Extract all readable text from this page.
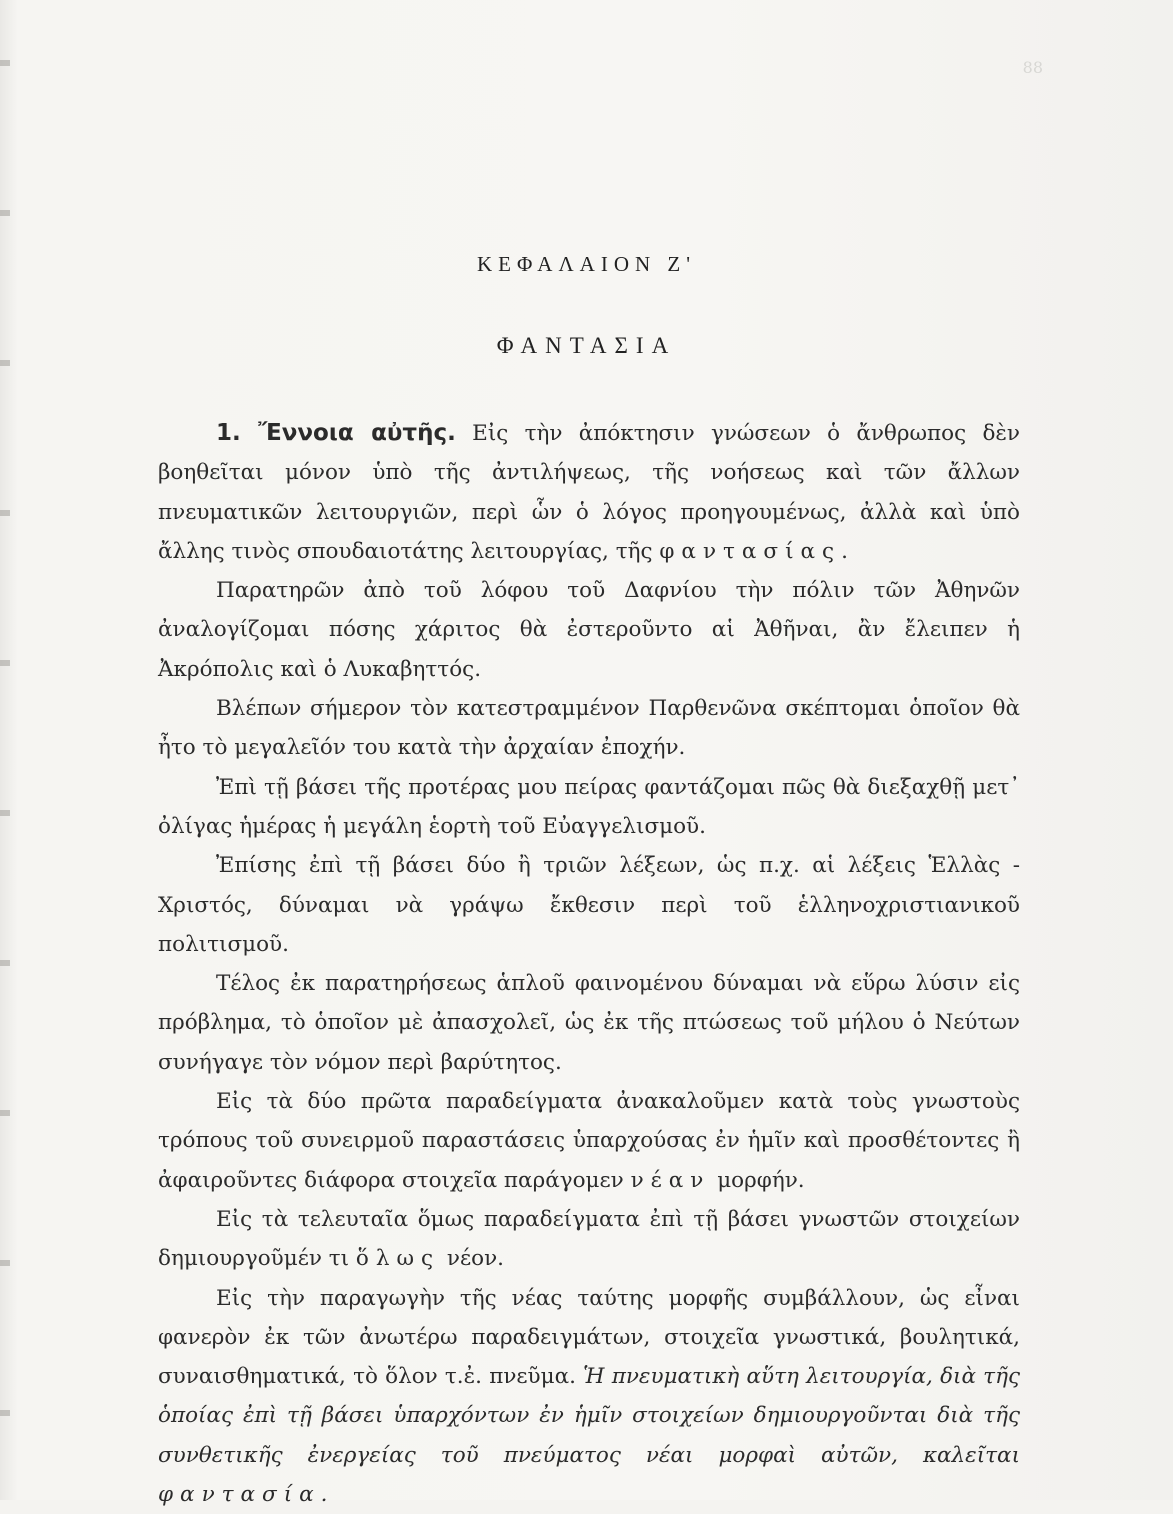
88
ΚΕΦΑΛΑΙΟΝ Ζ'
ΦΑΝΤΑΣΙΑ

1. Ἔννοια αὐτῆς. Εἰς τὴν ἀπόκτησιν γνώσεων ὁ ἄνθρωπος δὲν βοηθεῖται μόνον ὑπὸ τῆς ἀντιλήψεως, τῆς νοήσεως καὶ τῶν ἄλλων πνευματικῶν λειτουργιῶν, περὶ ὧν ὁ λόγος προηγουμένως, ἀλλὰ καὶ ὑπὸ ἄλλης τινὸς σπουδαιοτάτης λειτουργίας, τῆς φαντασίας.

Παρατηρῶν ἀπὸ τοῦ λόφου τοῦ Δαφνίου τὴν πόλιν τῶν Ἀθηνῶν ἀναλογίζομαι πόσης χάριτος θὰ ἐστεροῦντο αἱ Ἀθῆναι, ἂν ἔλειπεν ἡ Ἀκρόπολις καὶ ὁ Λυκαβηττός.

Βλέπων σήμερον τὸν κατεστραμμένον Παρθενῶνα σκέπτομαι ὁποῖον θὰ ἦτο τὸ μεγαλεῖόν του κατὰ τὴν ἀρχαίαν ἐποχήν.

Ἐπὶ τῇ βάσει τῆς προτέρας μου πείρας φαντάζομαι πῶς θὰ διεξαχθῇ μετ᾽ ὀλίγας ἡμέρας ἡ μεγάλη ἑορτὴ τοῦ Εὐαγγελισμοῦ.

Ἐπίσης ἐπὶ τῇ βάσει δύο ἢ τριῶν λέξεων, ὡς π.χ. αἱ λέξεις Ἑλλὰς - Χριστός, δύναμαι νὰ γράψω ἔκθεσιν περὶ τοῦ ἑλληνοχριστιανικοῦ πολιτισμοῦ.

Τέλος ἐκ παρατηρήσεως ἁπλοῦ φαινομένου δύναμαι νὰ εὕρω λύσιν εἰς πρόβλημα, τὸ ὁποῖον μὲ ἀπασχολεῖ, ὡς ἐκ τῆς πτώσεως τοῦ μήλου ὁ Νεύτων συνήγαγε τὸν νόμον περὶ βαρύτητος.

Εἰς τὰ δύο πρῶτα παραδείγματα ἀνακαλοῦμεν κατὰ τοὺς γνωστοὺς τρόπους τοῦ συνειρμοῦ παραστάσεις ὑπαρχούσας ἐν ἡμῖν καὶ προσθέτοντες ἢ ἀφαιροῦντες διάφορα στοιχεῖα παράγομεν νέαν μορφήν.

Εἰς τὰ τελευταῖα ὅμως παραδείγματα ἐπὶ τῇ βάσει γνωστῶν στοιχείων δημιουργοῦμέν τι ὅλως νέον.

Εἰς τὴν παραγωγὴν τῆς νέας ταύτης μορφῆς συμβάλλουν, ὡς εἶναι φανερὸν ἐκ τῶν ἀνωτέρω παραδειγμάτων, στοιχεῖα γνωστικά, βουλητικά, συναισθηματικά, τὸ ὅλον τ.ἐ. πνεῦμα. Ἡ πνευματικὴ αὕτη λειτουργία, διὰ τῆς ὁποίας ἐπὶ τῇ βάσει ὑπαρχόντων ἐν ἡμῖν στοιχείων δημιουργοῦνται διὰ τῆς συνθετικῆς ἐνεργείας τοῦ πνεύματος νέαι μορφαὶ αὐτῶν, καλεῖται φαντασία.
